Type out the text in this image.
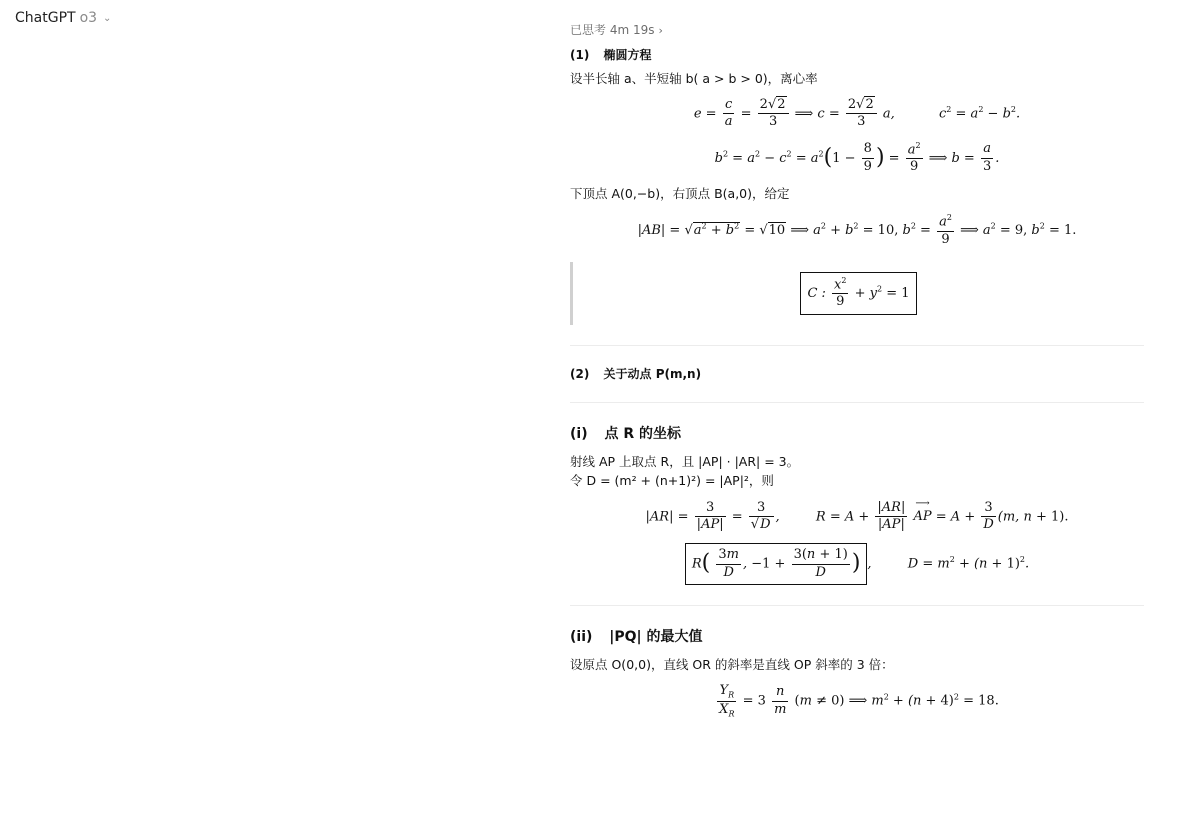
ChatGPT o3 ⌄
已思考 4m 19s ›
(1) 椭圆方程

设半长轴 a、半短轴 b( a > b > 0)，离心率

$e = \frac{c}{a} = \frac{2√2}{3}$ ⟹ $c = \frac{2√2}{3} a$,	$c^2 = a^2 - b^2$.
$b^2 = a^2 - c^2 = a^2(1 - \frac{8}{9}$ ) = $\frac{a^2}{9}$ ⟹ $b = \frac{a}{3}$ .

下顶点 A(0,−b)，右顶点 B(a,0)，给定

$|AB| = √a^2 + b^2 = √10$ ⟹ $a^2 + b^2 = 10$, $b^2 = \frac{a^2}{9}$ ⟹ $a^2 = 9$, $b^2 = 1$.
C : $\frac{x^2}{9} + y^2 = 1$
(2) 关于动点 P(m,n)
(i) 点 R 的坐标

射线 AP 上取点 R，且 |AP| · |AR| = 3。

令 D = (m² + (n+1)²) = |AP|²，则

$|AR| = \frac{3}{|AP|} = \frac{3}{√D}$ ,  $R = A + \frac{|AR|}{|AP|}$
⟶
AP = $A + \frac{3}{D} (m$, n + 1).
$R( \frac{3m}{D}$ , $-1 + \frac{3(n + 1)}{D}$ ) ,  $D = m^2 + (n + 1)^2$.
(ii) |PQ| 的最大值

设原点 O(0,0)，直线 OR 的斜率是直线 OP 斜率的 3 倍：

$\frac{Y_R}{X_R} = 3 \frac{n}{m} (m \ne 0)$ ⟹ $m^2 + (n + 4)^2 = 18$.
